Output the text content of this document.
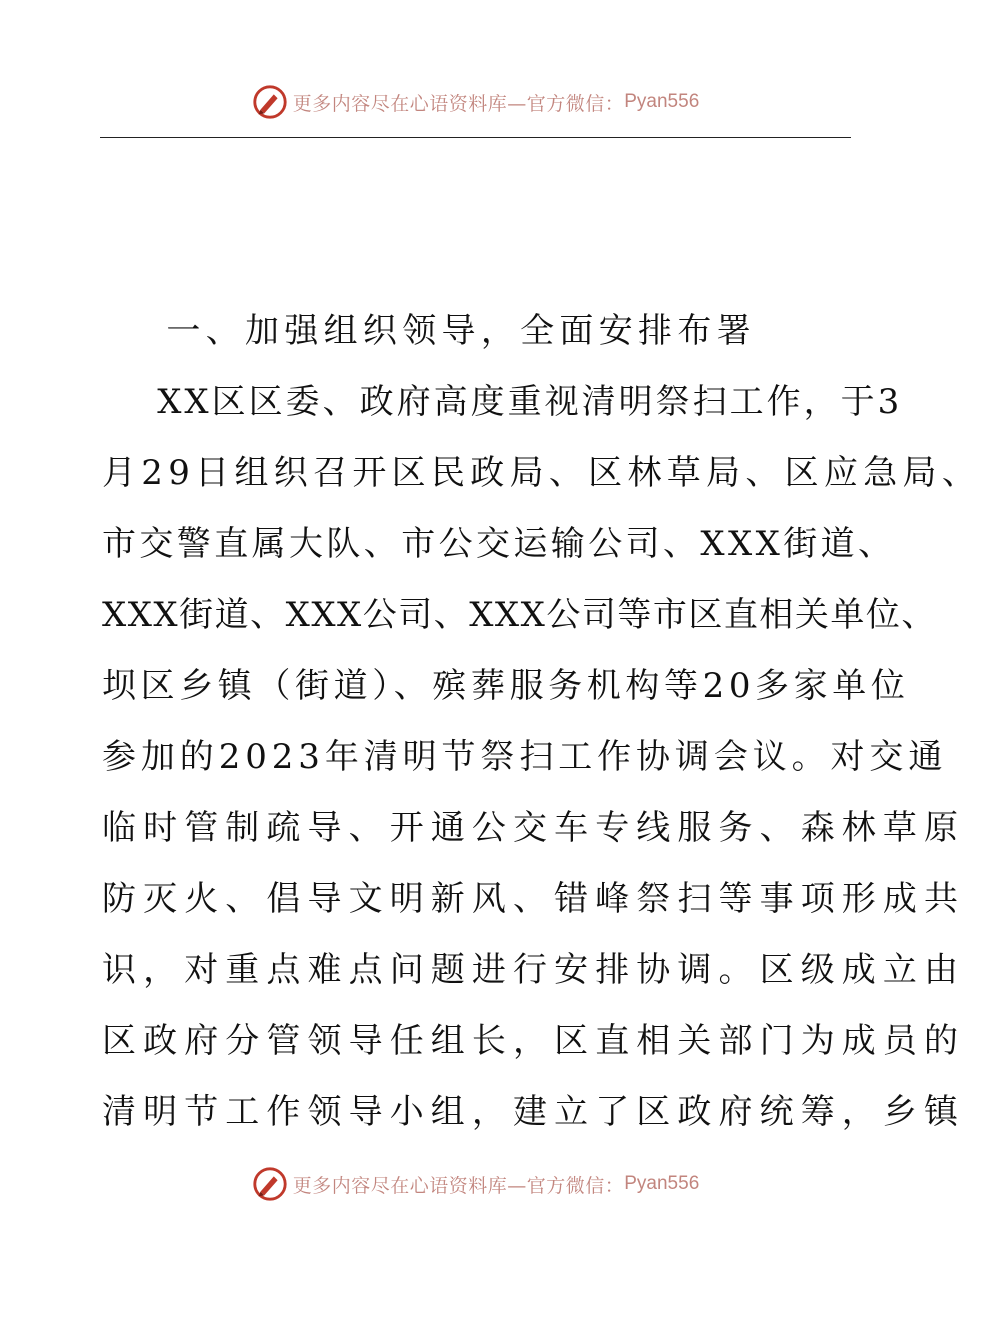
更多内容尽在心语资料库—官方微信： Pyan556
一、加强组织领导，全面安排布署
XX区区委、政府高度重视清明祭扫工作，于3
月29日组织召开区民政局、区林草局、区应急局、
市交警直属大队、市公交运输公司、XXX街道、
XXX街道、XXX公司、XXX公司等市区直相关单位、
坝区乡镇（街道）、殡葬服务机构等20多家单位
参加的2023年清明节祭扫工作协调会议。对交通
临时管制疏导、开通公交车专线服务、森林草原
防灭火、倡导文明新风、错峰祭扫等事项形成共
识，对重点难点问题进行安排协调。区级成立由
区政府分管领导任组长，区直相关部门为成员的
清明节工作领导小组，建立了区政府统筹，乡镇
更多内容尽在心语资料库—官方微信： Pyan556
